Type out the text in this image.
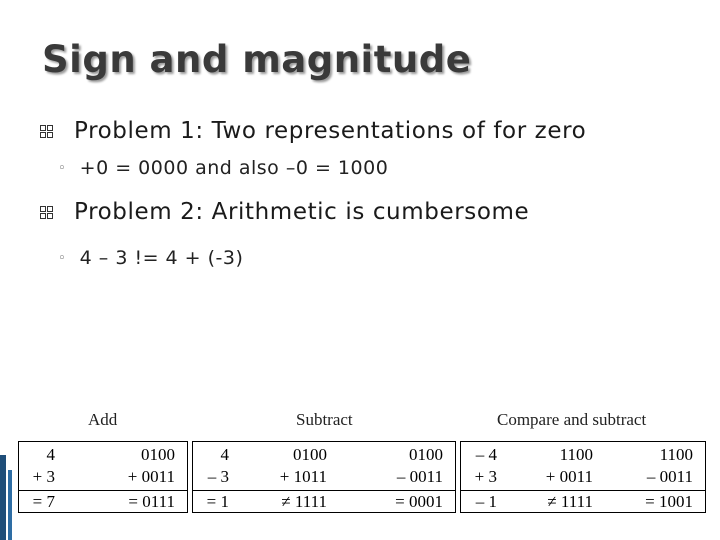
Sign and magnitude
Problem 1: Two representations of for zero
◦ +0 = 0000 and also –0 = 1000
Problem 2: Arithmetic is cumbersome
◦ 4 – 3 != 4 + (-3)
Add	Subtract	Compare and subtract
4	0100
+ 3	+ 0011
= 7	= 0111
4	0100	0100
– 3	+ 1011	– 0011
= 1	≠ 1111	= 0001
– 4	1100	1100
+ 3	+ 0011	– 0011
– 1	≠ 1111	= 1001
